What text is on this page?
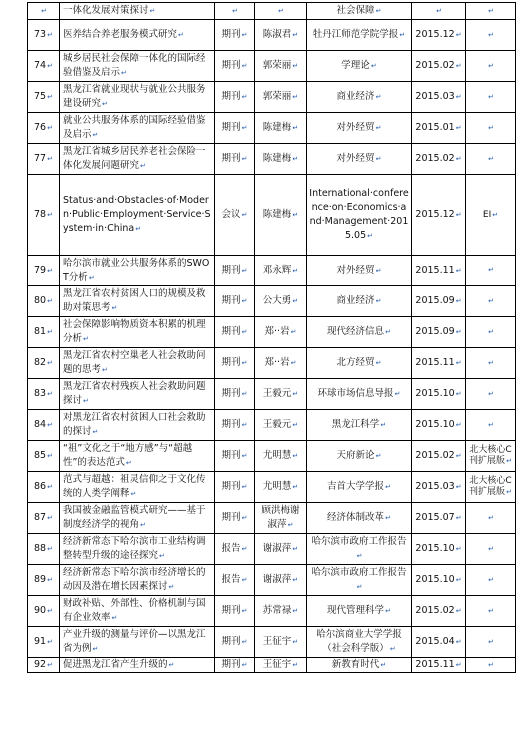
↵	一体化发展对策探讨↵	↵	↵	社会保障↵	↵	↵
73↵	医养结合养老服务模式研究↵	期刊↵	陈淑君↵	牡丹江师范学院学报↵	2015.12↵	↵
74↵	城乡居民社会保障一体化的国际经验借鉴及启示↵	期刊↵	郭荣丽↵	学理论↵	2015.02↵	↵
75↵	黑龙江省就业现状与就业公共服务建设研究↵	期刊↵	郭荣丽↵	商业经济↵	2015.03↵	↵
76↵	就业公共服务体系的国际经验借鉴及启示↵	期刊↵	陈建梅↵	对外经贸↵	2015.01↵	↵
77↵	黑龙江省城乡居民养老社会保险一体化发展问题研究↵	期刊↵	陈建梅↵	对外经贸↵	2015.02↵	↵
78↵	Status·and·Obstacles·of·Modern·Public·Employment·Service·System·in·China↵	会议↵	陈建梅↵	International·conference·on·Economics·and·Management·2015.05↵	2015.12↵	EI↵
79↵	哈尔滨市就业公共服务体系的SWOT分析↵	期刊↵	邓永辉↵	对外经贸↵	2015.11↵	↵
80↵	黑龙江省农村贫困人口的规模及救助对策思考↵	期刊↵	公大勇↵	商业经济↵	2015.09↵	↵
81↵	社会保障影响物质资本积累的机理分析↵	期刊↵	郑··岩↵	现代经济信息↵	2015.09↵	↵
82↵	黑龙江省农村空巢老人社会救助问题的思考↵	期刊↵	郑··岩↵	北方经贸↵	2015.11↵	↵
83↵	黑龙江省农村残疾人社会救助问题探讨↵	期刊↵	王毅元↵	环球市场信息导报↵	2015.10↵	↵
84↵	对黑龙江省农村贫困人口社会救助的探讨↵	期刊↵	王毅元↵	黑龙江科学↵	2015.10↵	↵
85↵	“祖”文化之于“地方感”与“超越性”的表达范式↵	期刊↵	尤明慧↵	天府新论↵	2015.02↵	北大核心C刊扩展版↵
86↵	范式与超越：祖灵信仰之于文化传统的人类学阐释↵	期刊↵	尤明慧↵	吉首大学学报↵	2015.03↵	北大核心C刊扩展版↵
87↵	我国被金融监管模式研究——基于制度经济学的视角↵	期刊↵	顾洪梅谢淑萍↵	经济体制改革↵	2015.07↵	↵
88↵	经济新常态下哈尔滨市工业结构调整转型升级的途径探究↵	报告↵	谢淑萍↵	哈尔滨市政府工作报告↵	2015.10↵	↵
89↵	经济新常态下哈尔滨市经济增长的动因及潜在增长因素探讨↵	报告↵	谢淑萍↵	哈尔滨市政府工作报告↵	2015.10↵	↵
90↵	财政补贴、外部性、价格机制与国有企业效率↵	期刊↵	苏常禄↵	现代管理科学↵	2015.02↵	↵
91↵	产业升级的测量与评价—以黑龙江省为例↵	期刊↵	王征宇↵	哈尔滨商业大学学报（社会科学版）↵	2015.04↵	↵
92↵	促进黑龙江省产生升级的↵	期刊↵	王征宇↵	新教育时代↵	2015.11↵	↵
